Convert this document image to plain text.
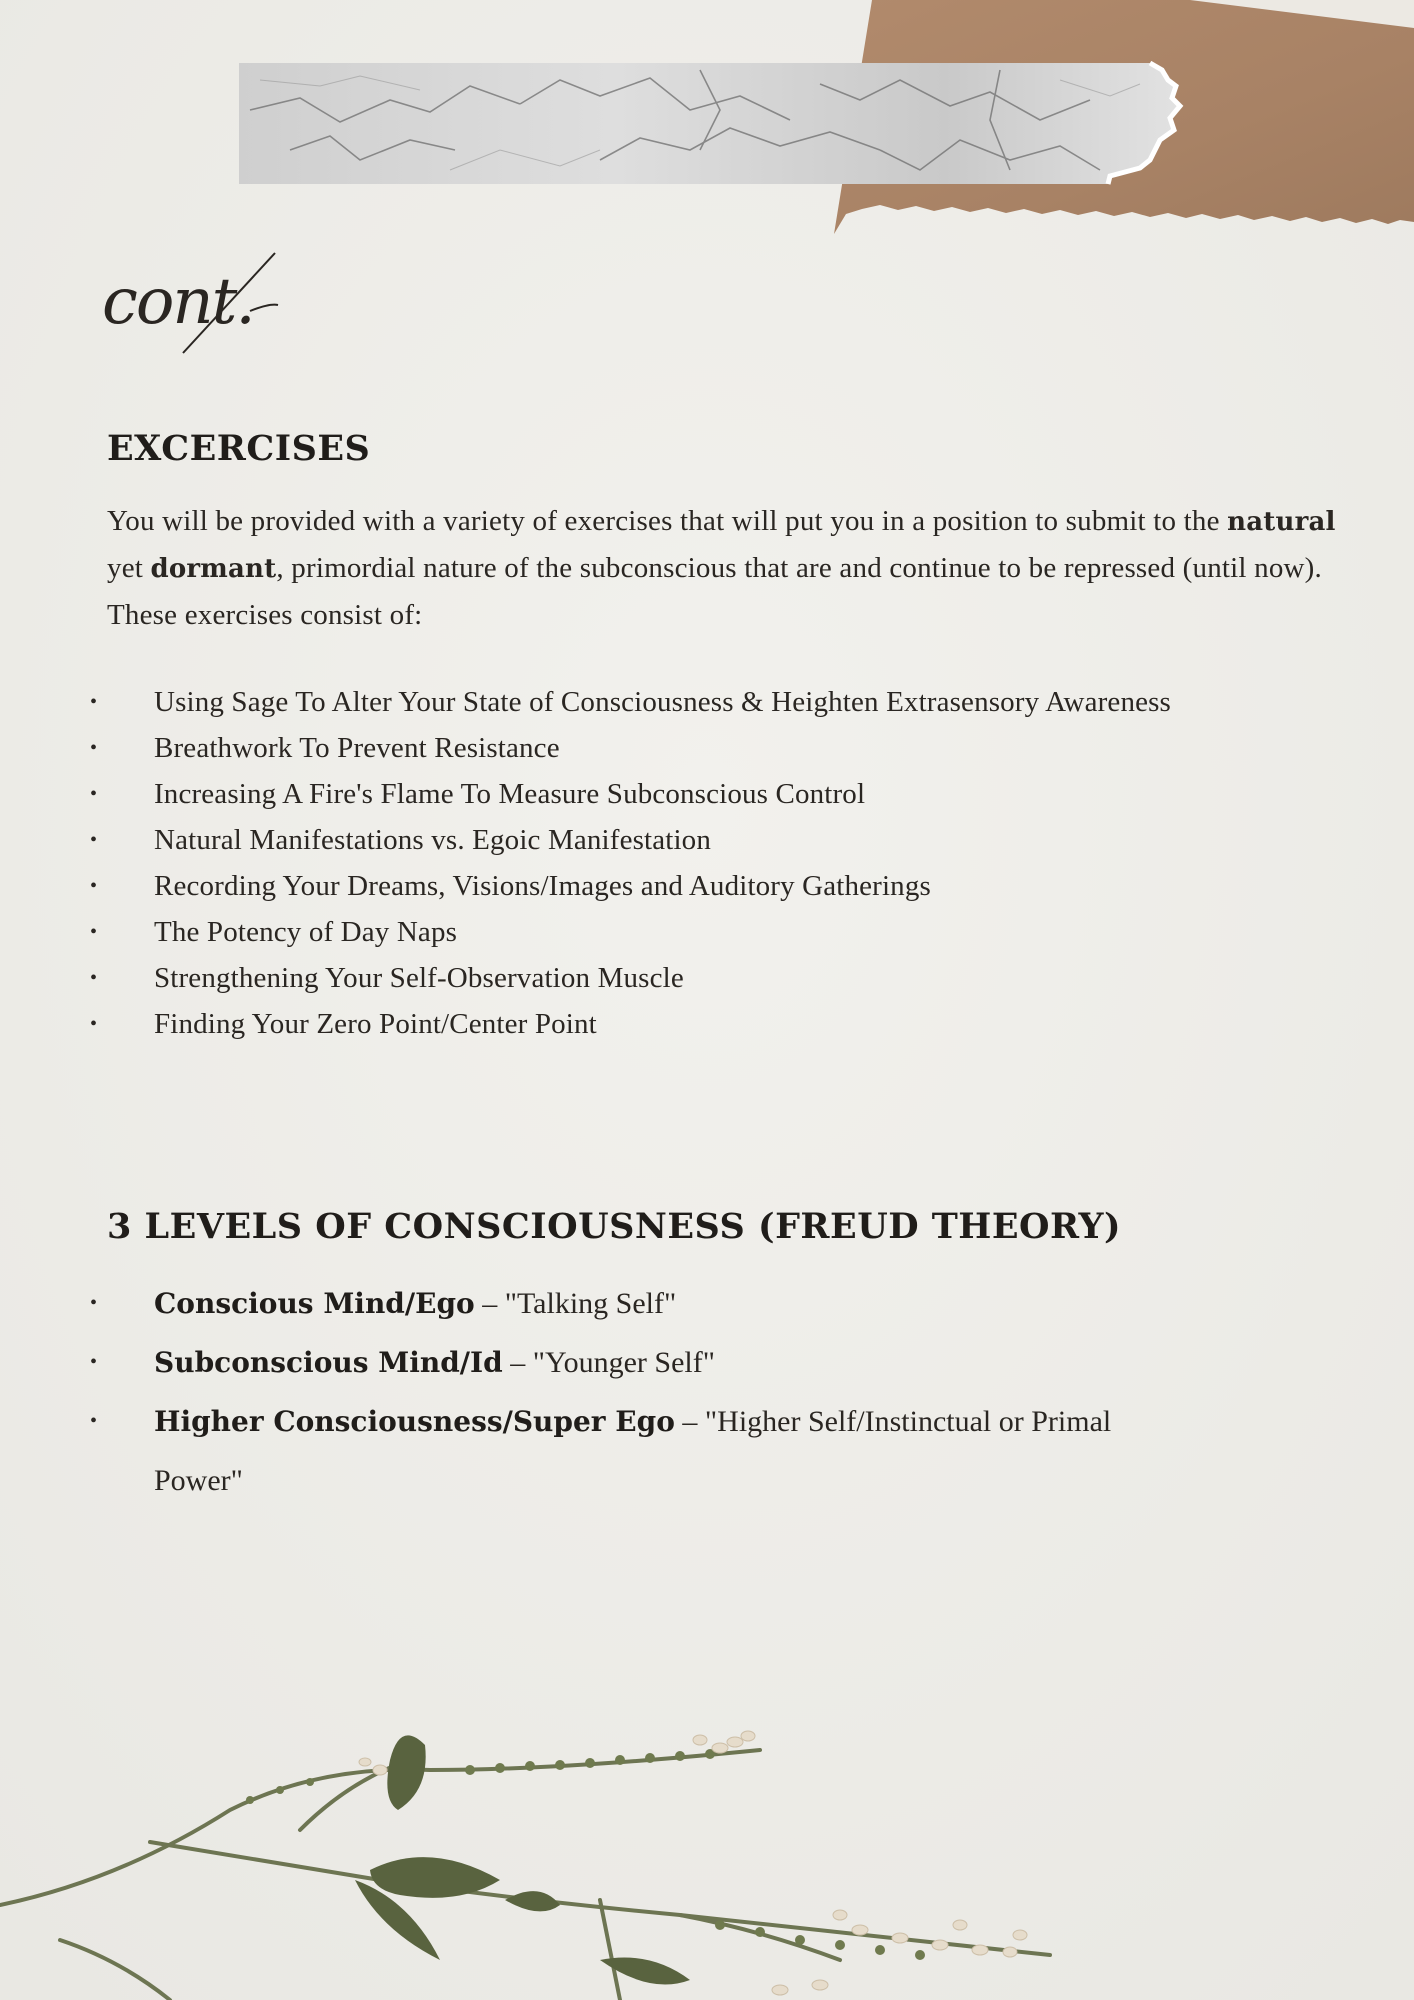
cont.
EXCERCISES

You will be provided with a variety of exercises that will put you in a position to submit to the natural yet dormant, primordial nature of the subconscious that are and continue to be repressed (until now). These exercises consist of:

• Using Sage To Alter Your State of Consciousness & Heighten Extrasensory Awareness
• Breathwork To Prevent Resistance
• Increasing A Fire's Flame To Measure Subconscious Control
• Natural Manifestations vs. Egoic Manifestation
• Recording Your Dreams, Visions/Images and Auditory Gatherings
• The Potency of Day Naps
• Strengthening Your Self-Observation Muscle
• Finding Your Zero Point/Center Point
3 LEVELS OF CONSCIOUSNESS (FREUD THEORY)
• Conscious Mind/Ego – "Talking Self"
• Subconscious Mind/Id – "Younger Self"
• Higher Consciousness/Super Ego – "Higher Self/Instinctual or Primal Power"
